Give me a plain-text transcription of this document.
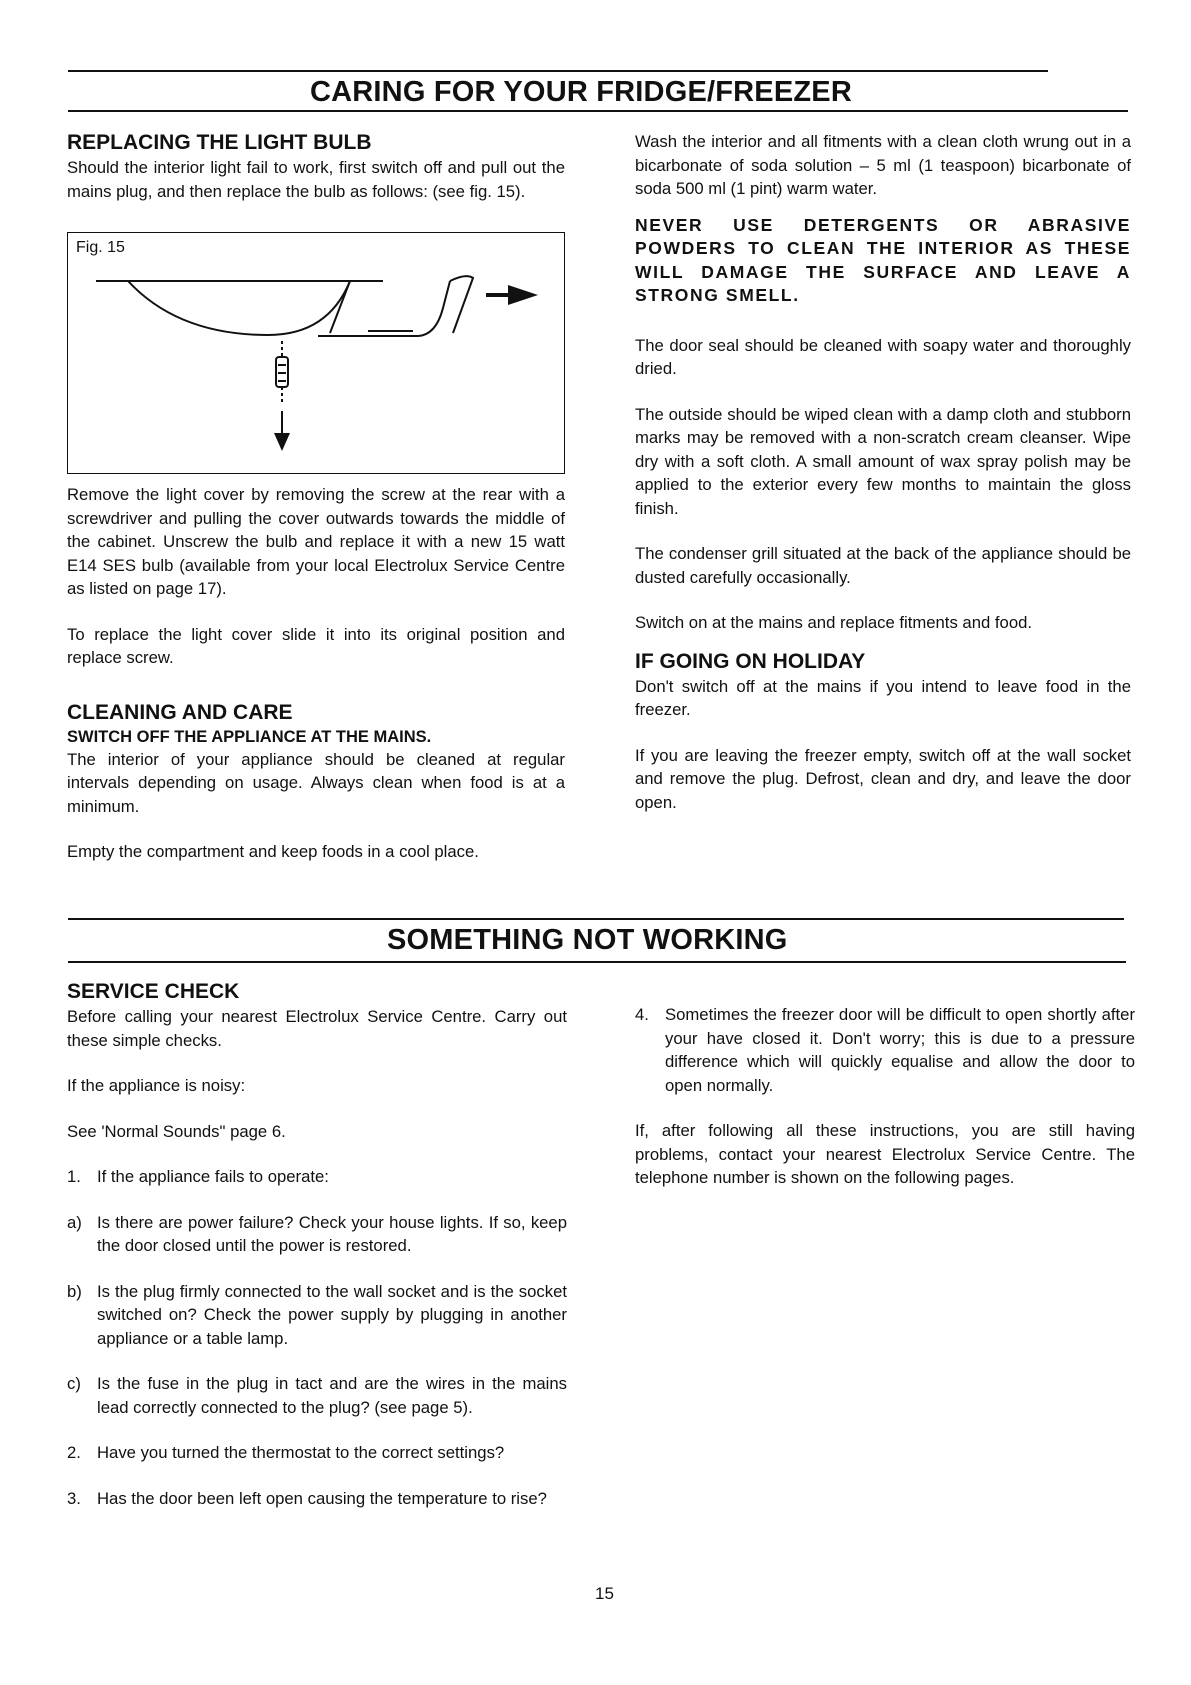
CARING FOR YOUR FRIDGE/FREEZER
REPLACING THE LIGHT BULB

Should the interior light fail to work, first switch off and pull out the mains plug, and then replace the bulb as follows: (see fig. 15).

Fig. 15

Remove the light cover by removing the screw at the rear with a screwdriver and pulling the cover outwards towards the middle of the cabinet. Unscrew the bulb and replace it with a new 15 watt E14 SES bulb (available from your local Electrolux Service Centre as listed on page 17).

To replace the light cover slide it into its original position and replace screw.

CLEANING AND CARE
SWITCH OFF THE APPLIANCE AT THE MAINS.

The interior of your appliance should be cleaned at regular intervals depending on usage. Always clean when food is at a minimum.

Empty the compartment and keep foods in a cool place.

Wash the interior and all fitments with a clean cloth wrung out in a bicarbonate of soda solution – 5 ml (1 teaspoon) bicarbonate of soda 500 ml (1 pint) warm water.

NEVER USE DETERGENTS OR ABRASIVE POWDERS TO CLEAN THE INTERIOR AS THESE WILL DAMAGE THE SURFACE AND LEAVE A STRONG SMELL.

The door seal should be cleaned with soapy water and thoroughly dried.

The outside should be wiped clean with a damp cloth and stubborn marks may be removed with a non-scratch cream cleanser. Wipe dry with a soft cloth. A small amount of wax spray polish may be applied to the exterior every few months to maintain the gloss finish.

The condenser grill situated at the back of the appliance should be dusted carefully occasionally.

Switch on at the mains and replace fitments and food.

IF GOING ON HOLIDAY

Don't switch off at the mains if you intend to leave food in the freezer.

If you are leaving the freezer empty, switch off at the wall socket and remove the plug. Defrost, clean and dry, and leave the door open.

SOMETHING NOT WORKING
SERVICE CHECK

Before calling your nearest Electrolux Service Centre. Carry out these simple checks.

If the appliance is noisy:

See 'Normal Sounds" page 6.

1. If the appliance fails to operate:
a) Is there are power failure? Check your house lights. If so, keep the door closed until the power is restored.
b) Is the plug firmly connected to the wall socket and is the socket switched on? Check the power supply by plugging in another appliance or a table lamp.
c) Is the fuse in the plug in tact and are the wires in the mains lead correctly connected to the plug? (see page 5).
2. Have you turned the thermostat to the correct settings?
3. Has the door been left open causing the temperature to rise?
4. Sometimes the freezer door will be difficult to open shortly after your have closed it. Don't worry; this is due to a pressure difference which will quickly equalise and allow the door to open normally.

If, after following all these instructions, you are still having problems, contact your nearest Electrolux Service Centre. The telephone number is shown on the following pages.

15
